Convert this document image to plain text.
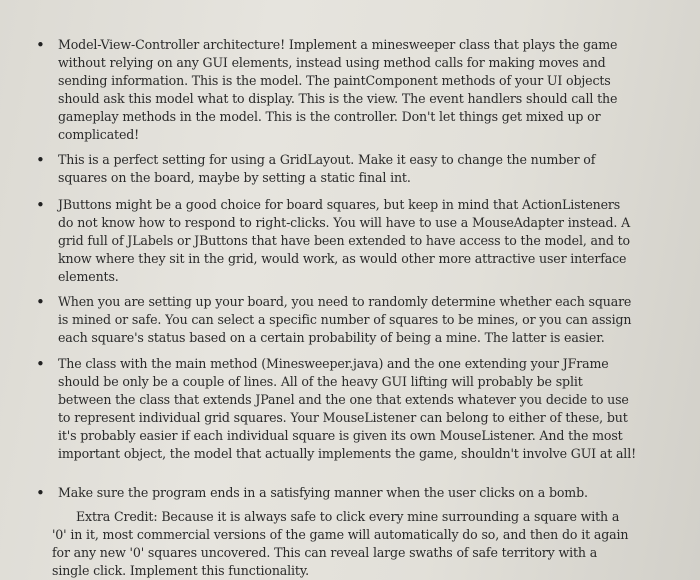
• Model-View-Controller architecture! Implement a minesweeper class that plays the game without relying on any GUI elements, instead using method calls for making moves and sending information. This is the model. The paintComponent methods of your UI objects should ask this model what to display. This is the view. The event handlers should call the gameplay methods in the model. This is the controller. Don't let things get mixed up or complicated!
• This is a perfect setting for using a GridLayout. Make it easy to change the number of squares on the board, maybe by setting a static final int.
• JButtons might be a good choice for board squares, but keep in mind that ActionListeners do not know how to respond to right-clicks. You will have to use a MouseAdapter instead. A grid full of JLabels or JButtons that have been extended to have access to the model, and to know where they sit in the grid, would work, as would other more attractive user interface elements.
• When you are setting up your board, you need to randomly determine whether each square is mined or safe. You can select a specific number of squares to be mines, or you can assign each square's status based on a certain probability of being a mine. The latter is easier.
• The class with the main method (Minesweeper.java) and the one extending your JFrame should be only be a couple of lines. All of the heavy GUI lifting will probably be split between the class that extends JPanel and the one that extends whatever you decide to use to represent individual grid squares. Your MouseListener can belong to either of these, but it's probably easier if each individual square is given its own MouseListener. And the most important object, the model that actually implements the game, shouldn't involve GUI at all!
• Make sure the program ends in a satisfying manner when the user clicks on a bomb.
Extra Credit: Because it is always safe to click every mine surrounding a square with a '0' in it, most commercial versions of the game will automatically do so, and then do it again for any new '0' squares uncovered. This can reveal large swaths of safe territory with a single click. Implement this functionality.
